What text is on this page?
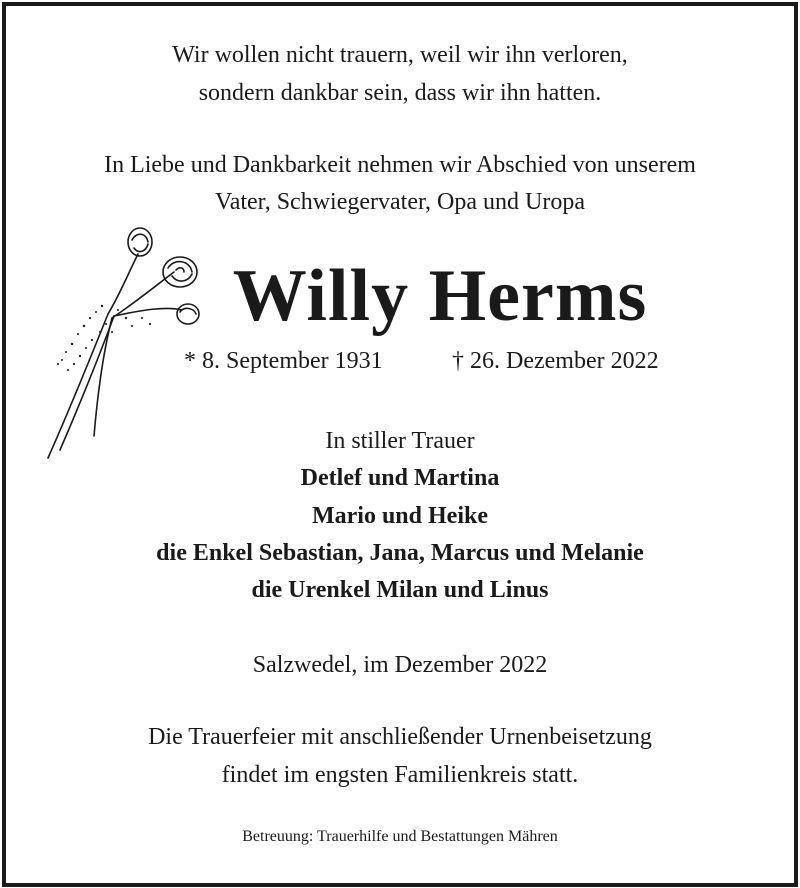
Wir wollen nicht trauern, weil wir ihn verloren,

sondern dankbar sein, dass wir ihn hatten.

In Liebe und Dankbarkeit nehmen wir Abschied von unserem

Vater, Schwiegervater, Opa und Uropa

Willy Herms

* 8. September 1931	† 26. Dezember 2022

In stiller Trauer

Detlef und Martina

Mario und Heike

die Enkel Sebastian, Jana, Marcus und Melanie

die Urenkel Milan und Linus

Salzwedel, im Dezember 2022

Die Trauerfeier mit anschließender Urnenbeisetzung

findet im engsten Familienkreis statt.

Betreuung: Trauerhilfe und Bestattungen Mähren
